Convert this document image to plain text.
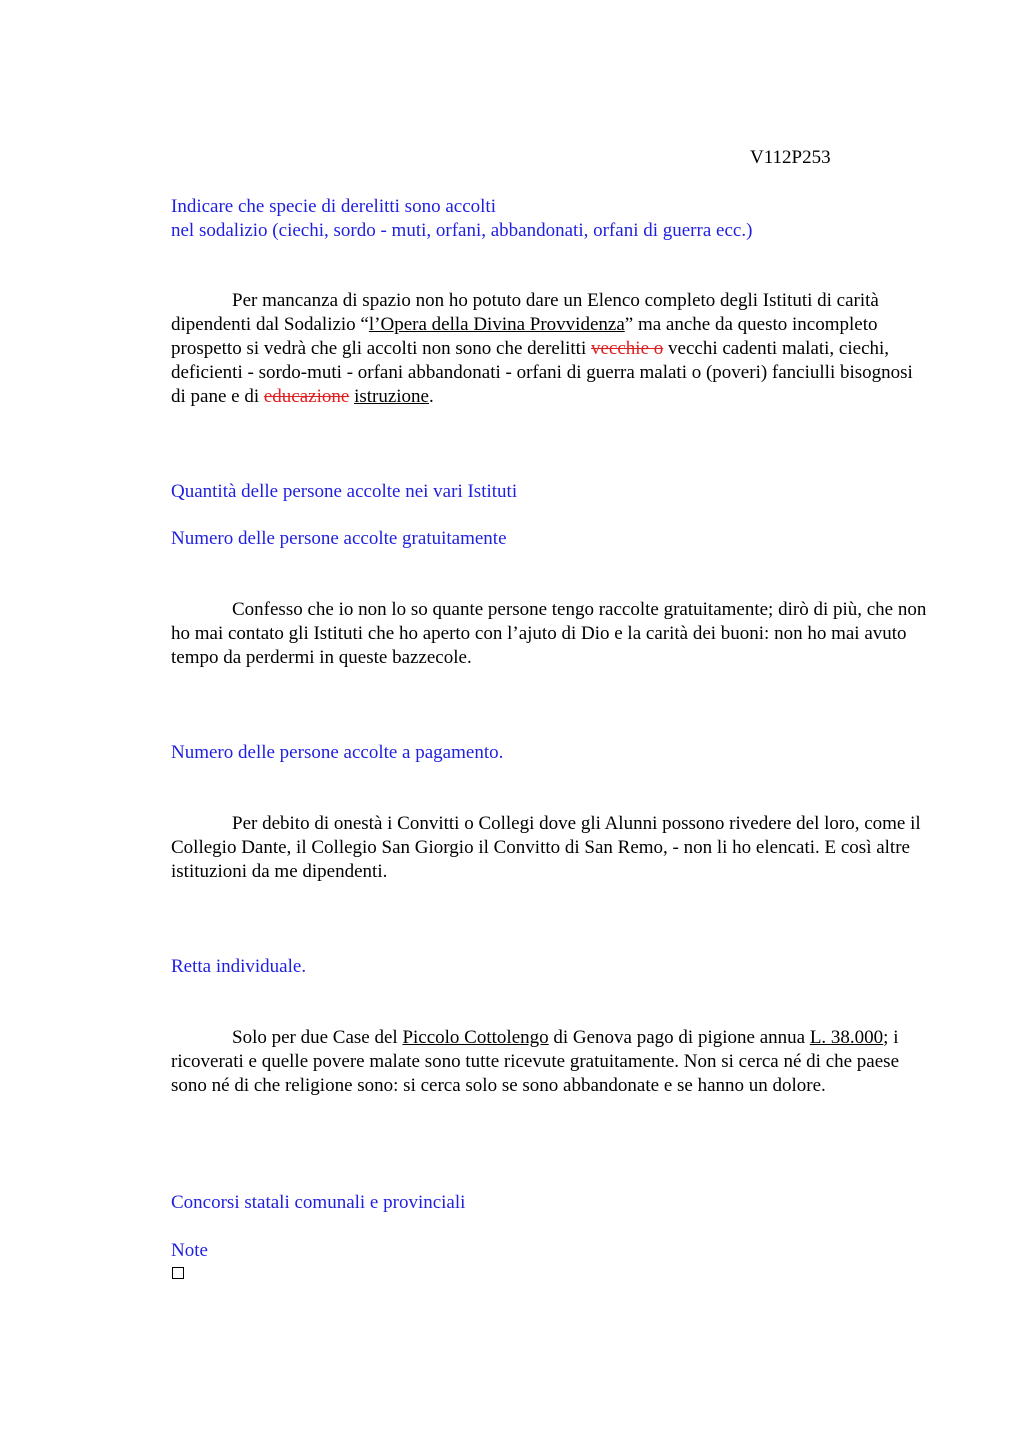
V112P253
Indicare che specie di derelitti sono accolti
nel sodalizio (ciechi, sordo - muti, orfani, abbandonati, orfani di guerra ecc.)
Per mancanza di spazio non ho potuto dare un Elenco completo degli Istituti di carità dipendenti dal Sodalizio “l’Opera della Divina Provvidenza” ma anche da questo incompleto prospetto si vedrà che gli accolti non sono che derelitti vecchie o vecchi cadenti malati, ciechi, deficienti - sordo-muti - orfani abbandonati - orfani di guerra malati o (poveri) fanciulli bisognosi di pane e di educazione istruzione.
Quantità delle persone accolte nei vari Istituti
Numero delle persone accolte gratuitamente
Confesso che io non lo so quante persone tengo raccolte gratuitamente; dirò di più, che non ho mai contato gli Istituti che ho aperto con l’ajuto di Dio e la carità dei buoni: non ho mai avuto tempo da perdermi in queste bazzecole.
Numero delle persone accolte a pagamento.
Per debito di onestà i Convitti o Collegi dove gli Alunni possono rivedere del loro, come il Collegio Dante, il Collegio San Giorgio il Convitto di San Remo, - non li ho elencati. E così altre istituzioni da me dipendenti.
Retta individuale.
Solo per due Case del Piccolo Cottolengo di Genova pago di pigione annua L. 38.000; i ricoverati e quelle povere malate sono tutte ricevute gratuitamente. Non si cerca né di che paese sono né di che religione sono: si cerca solo se sono abbandonate e se hanno un dolore.
Concorsi statali comunali e provinciali
Note
